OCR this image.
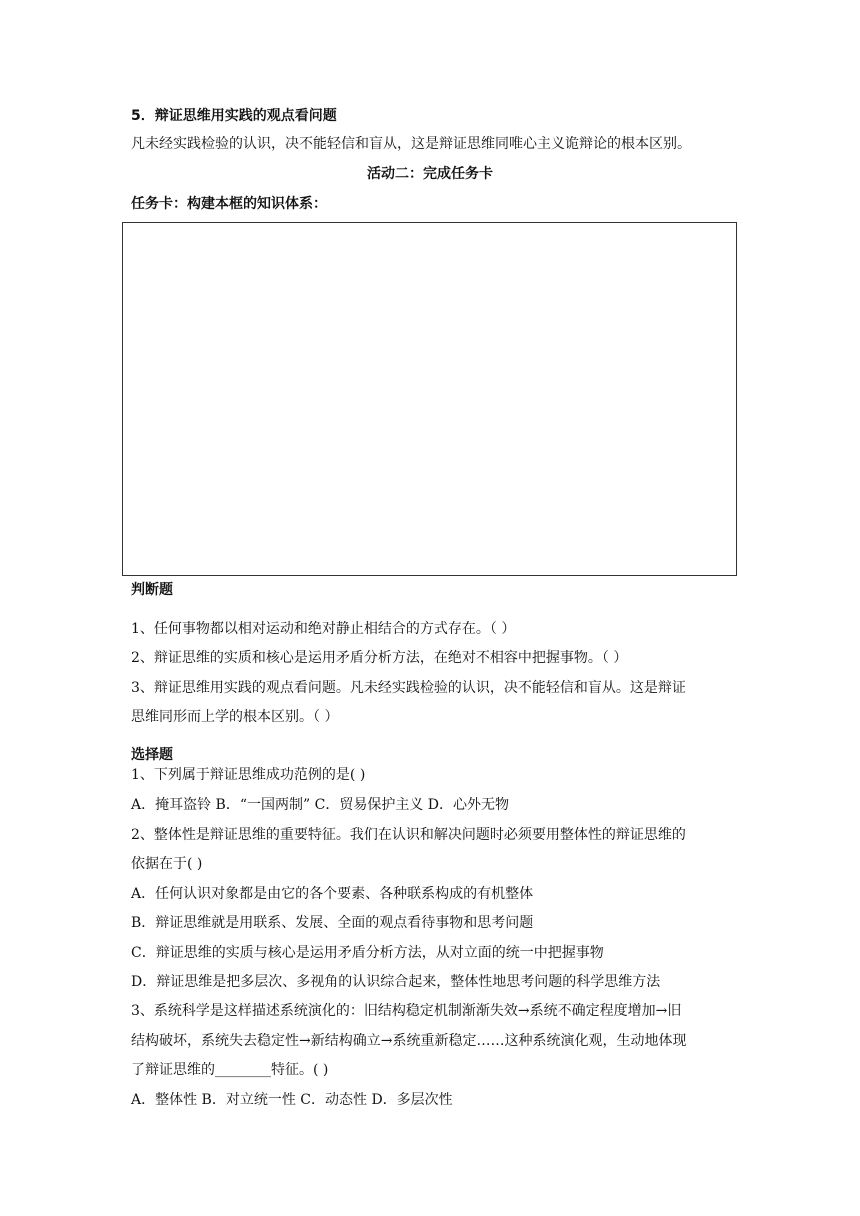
5．辩证思维用实践的观点看问题
凡未经实践检验的认识，决不能轻信和盲从，这是辩证思维同唯心主义诡辩论的根本区别。
活动二：完成任务卡
任务卡：构建本框的知识体系：
判断题
1、任何事物都以相对运动和绝对静止相结合的方式存在。（ ）
2、辩证思维的实质和核心是运用矛盾分析方法，在绝对不相容中把握事物。（ ）
3、辩证思维用实践的观点看问题。凡未经实践检验的认识，决不能轻信和盲从。这是辩证
思维同形而上学的根本区别。（ ）
选择题
1、下列属于辩证思维成功范例的是( )
A．掩耳盗铃 B．“一国两制” C．贸易保护主义 D．心外无物
2、整体性是辩证思维的重要特征。我们在认识和解决问题时必须要用整体性的辩证思维的
依据在于( )
A．任何认识对象都是由它的各个要素、各种联系构成的有机整体
B．辩证思维就是用联系、发展、全面的观点看待事物和思考问题
C．辩证思维的实质与核心是运用矛盾分析方法，从对立面的统一中把握事物
D．辩证思维是把多层次、多视角的认识综合起来，整体性地思考问题的科学思维方法
3、系统科学是这样描述系统演化的：旧结构稳定机制渐渐失效→系统不确定程度增加→旧
结构破坏，系统失去稳定性→新结构确立→系统重新稳定……这种系统演化观，生动地体现
了辩证思维的________特征。( )
A．整体性 B．对立统一性 C．动态性 D．多层次性
